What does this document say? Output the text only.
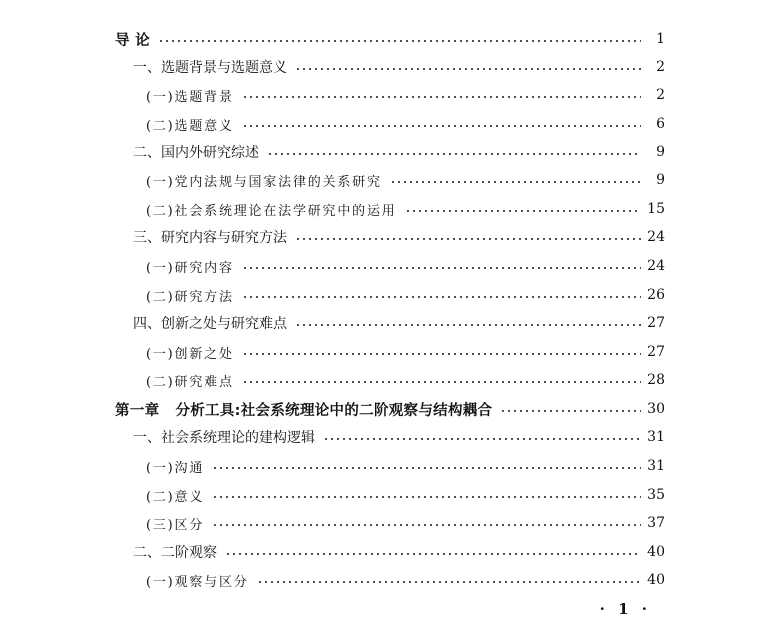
导 论	1
一、选题背景与选题意义	2
(一)选题背景	2
(二)选题意义	6
二、国内外研究综述	9
(一)党内法规与国家法律的关系研究	9
(二)社会系统理论在法学研究中的运用	15
三、研究内容与研究方法	24
(一)研究内容	24
(二)研究方法	26
四、创新之处与研究难点	27
(一)创新之处	27
(二)研究难点	28
第一章   分析工具:社会系统理论中的二阶观察与结构耦合	30
一、社会系统理论的建构逻辑	31
(一)沟通	31
(二)意义	35
(三)区分	37
二、二阶观察	40
(一)观察与区分	40
· 1 ·
